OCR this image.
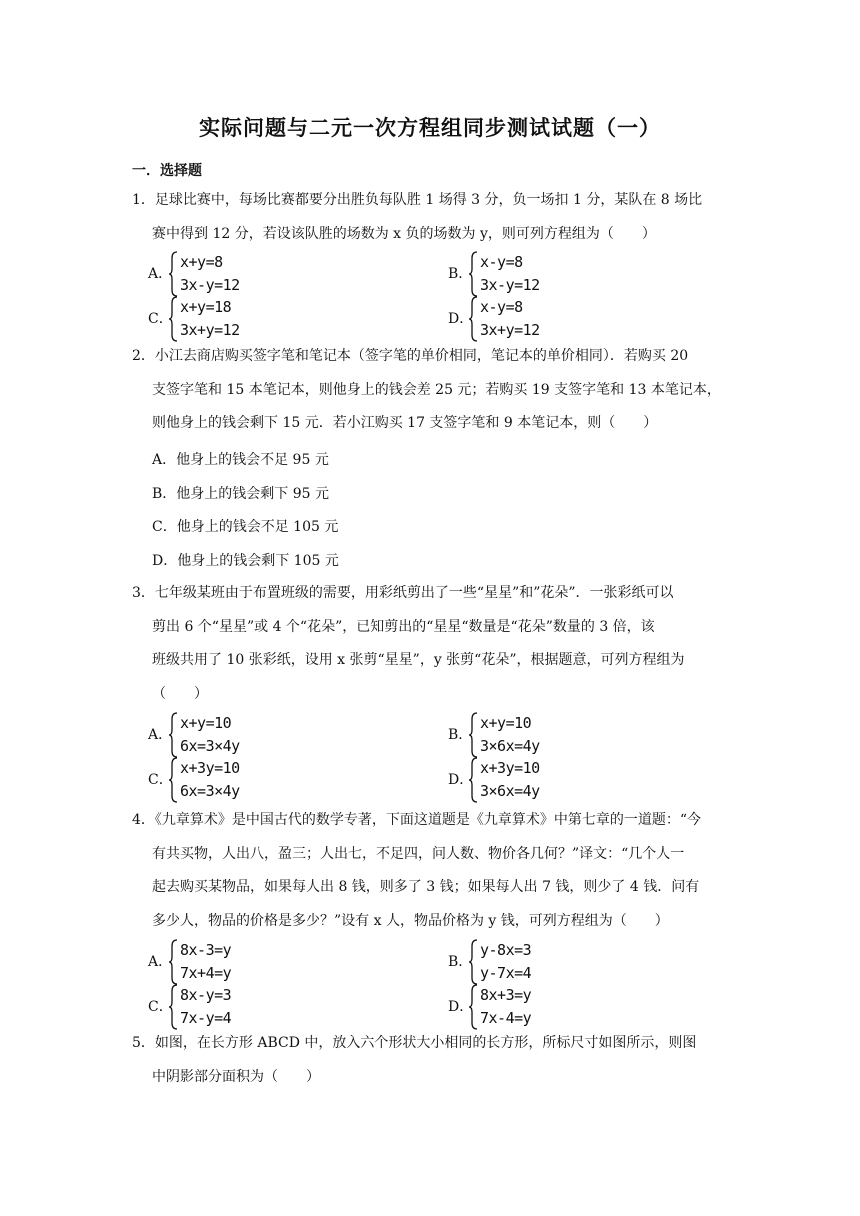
实际问题与二元一次方程组同步测试试题（一）
一．选择题

1．足球比赛中，每场比赛都要分出胜负每队胜 1 场得 3 分，负一场扣 1 分，某队在 8 场比

赛中得到 12 分，若设该队胜的场数为 x 负的场数为 y，则可列方程组为（　　）

A．
x+y=8
3x-y=12
B．
x-y=8
3x-y=12
C．
x+y=18
3x+y=12
D．
x-y=8
3x+y=12

2．小江去商店购买签字笔和笔记本（签字笔的单价相同，笔记本的单价相同）．若购买 20

支签字笔和 15 本笔记本，则他身上的钱会差 25 元；若购买 19 支签字笔和 13 本笔记本，

则他身上的钱会剩下 15 元．若小江购买 17 支签字笔和 9 本笔记本，则（　　）

A．他身上的钱会不足 95 元
B．他身上的钱会剩下 95 元
C．他身上的钱会不足 105 元
D．他身上的钱会剩下 105 元

3．七年级某班由于布置班级的需要，用彩纸剪出了一些“星星”和”花朵”．一张彩纸可以

剪出 6 个“星星”或 4 个“花朵”，已知剪出的“星星“数量是“花朵”数量的 3 倍，该

班级共用了 10 张彩纸，设用 x 张剪“星星”，y 张剪“花朵”，根据题意，可列方程组为

（　　）

A．
x+y=10
6x=3×4y
B．
x+y=10
3×6x=4y
C．
x+3y=10
6x=3×4y
D．
x+3y=10
3×6x=4y

4．《九章算术》是中国古代的数学专著，下面这道题是《九章算术》中第七章的一道题：“今

有共买物，人出八，盈三；人出七，不足四，问人数、物价各几何？”译文：“几个人一

起去购买某物品，如果每人出 8 钱，则多了 3 钱；如果每人出 7 钱，则少了 4 钱．问有

多少人，物品的价格是多少？”设有 x 人，物品价格为 y 钱，可列方程组为（　　）

A．
8x-3=y
7x+4=y
B．
y-8x=3
y-7x=4
C．
8x-y=3
7x-y=4
D．
8x+3=y
7x-4=y

5．如图，在长方形 ABCD 中，放入六个形状大小相同的长方形，所标尺寸如图所示，则图

中阴影部分面积为（　　）
